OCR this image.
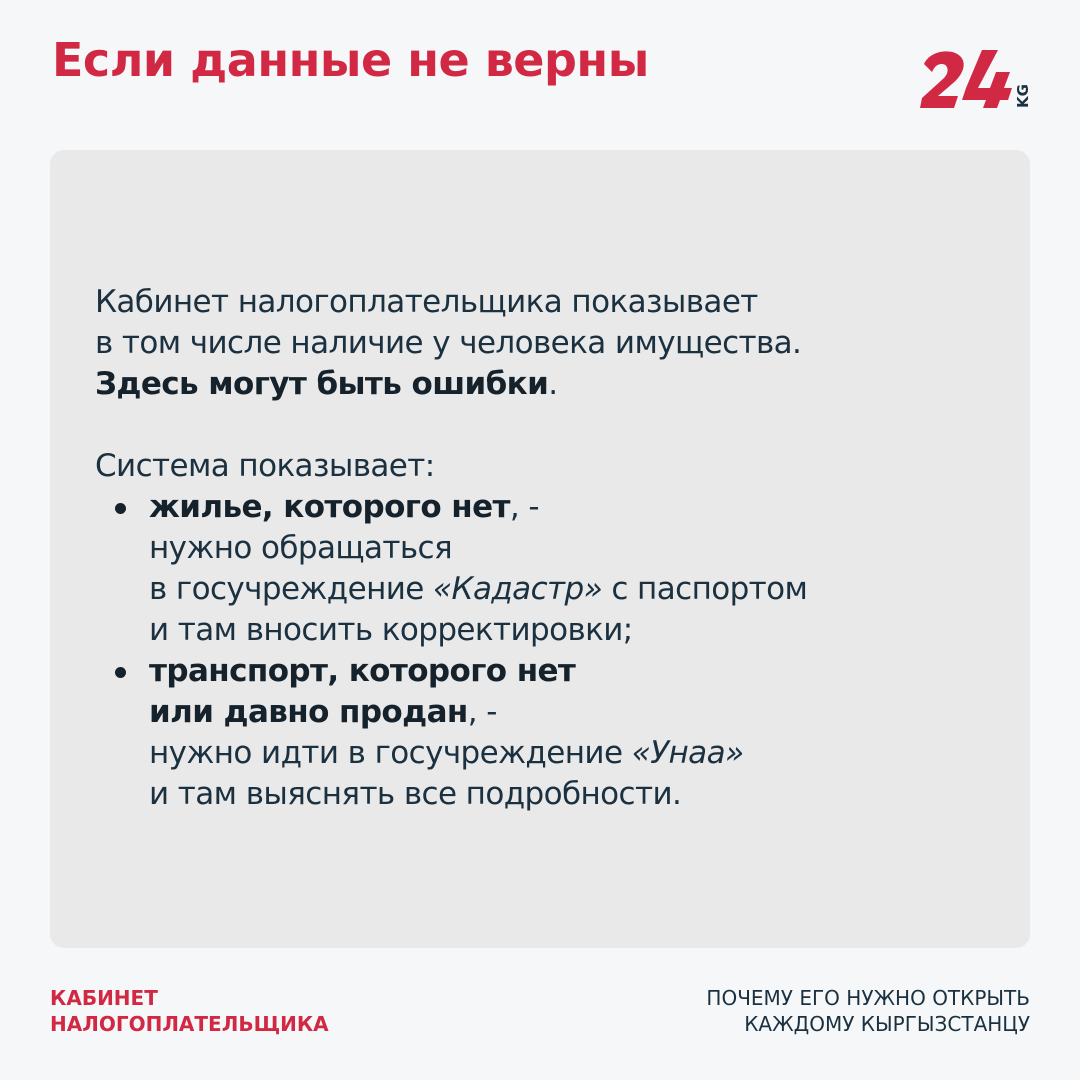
Если данные не верны
KG

Кабинет налогоплательщика показывает

в том числе наличие у человека имущества.

Здесь могут быть ошибки.

Система показывает:

жилье, которого нет, -
нужно обращаться
в госучреждение «Кадастр» с паспортом
и там вносить корректировки;
транспорт, которого нет
или давно продан, -
нужно идти в госучреждение «Унаа»
и там выяснять все подробности.
КАБИНЕТ
НАЛОГОПЛАТЕЛЬЩИКА
ПОЧЕМУ ЕГО НУЖНО ОТКРЫТЬ
КАЖДОМУ КЫРГЫЗСТАНЦУ
